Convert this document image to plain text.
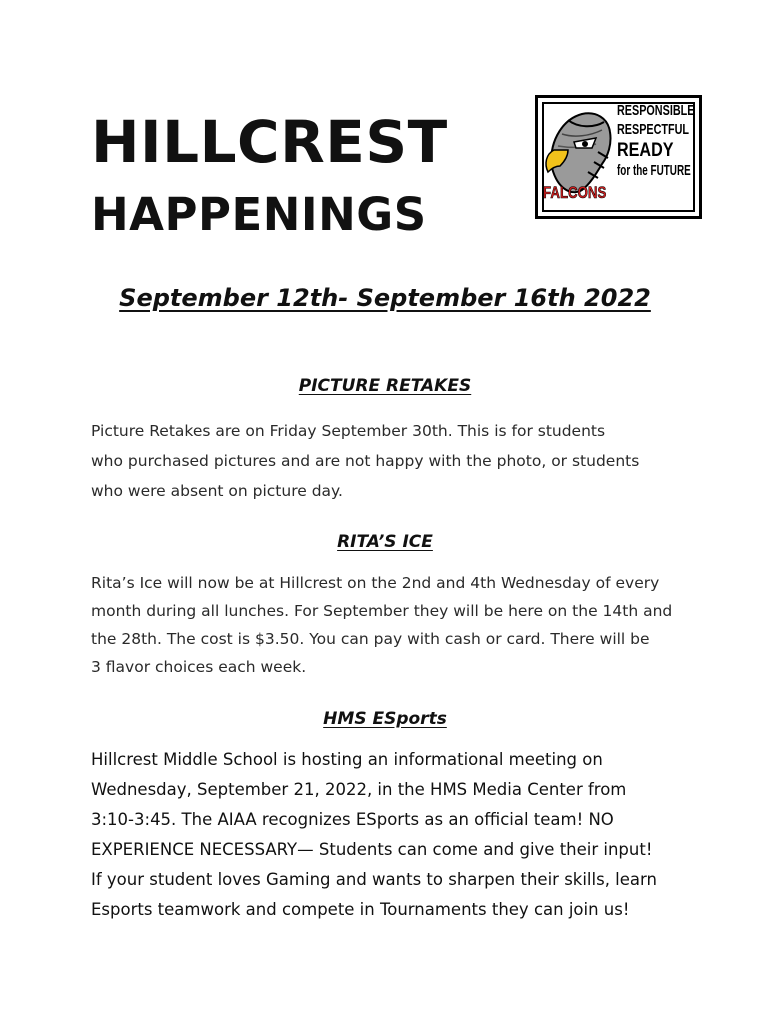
HILLCREST
HAPPENINGS
RESPONSIBLE
RESPECTFUL
READY
for the FUTURE
FALCONS
September 12th- September 16th 2022
PICTURE RETAKES
Picture Retakes are on Friday September 30th. This is for students
who purchased pictures and are not happy with the photo, or students
who were absent on picture day.
RITA’S ICE
Rita’s Ice will now be at Hillcrest on the 2nd and 4th Wednesday of every
month during all lunches. For September they will be here on the 14th and
the 28th. The cost is $3.50. You can pay with cash or card. There will be
3 flavor choices each week.
HMS ESports
Hillcrest Middle School is hosting an informational meeting on
Wednesday, September 21, 2022, in the HMS Media Center from
3:10-3:45. The AIAA recognizes ESports as an official team! NO
EXPERIENCE NECESSARY— Students can come and give their input!
If your student loves Gaming and wants to sharpen their skills, learn
Esports teamwork and compete in Tournaments they can join us!
